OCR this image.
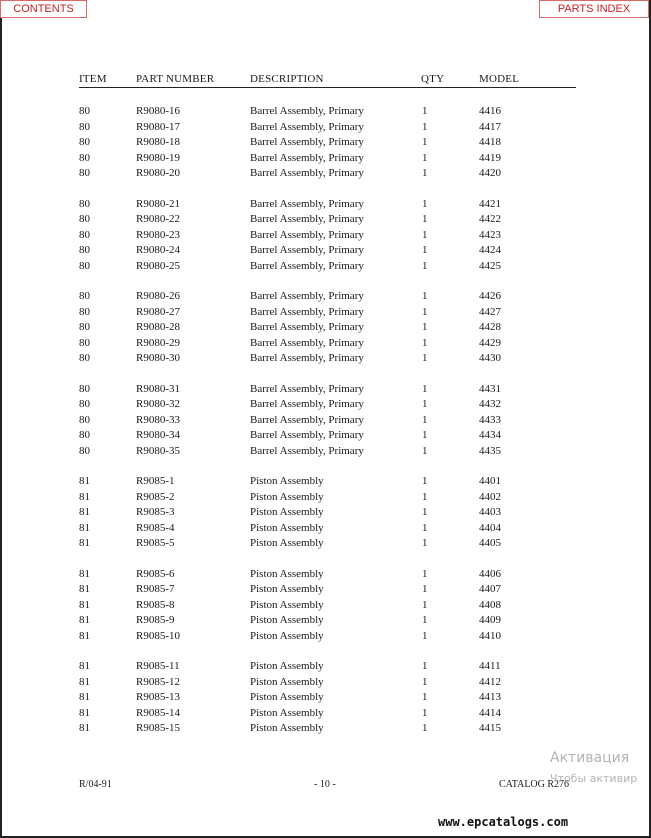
CONTENTS	PARTS INDEX
ITEM	PART NUMBER	DESCRIPTION	QTY	MODEL
80	R9080-16	Barrel Assembly, Primary	1	4416
80	R9080-17	Barrel Assembly, Primary	1	4417
80	R9080-18	Barrel Assembly, Primary	1	4418
80	R9080-19	Barrel Assembly, Primary	1	4419
80	R9080-20	Barrel Assembly, Primary	1	4420
80	R9080-21	Barrel Assembly, Primary	1	4421
80	R9080-22	Barrel Assembly, Primary	1	4422
80	R9080-23	Barrel Assembly, Primary	1	4423
80	R9080-24	Barrel Assembly, Primary	1	4424
80	R9080-25	Barrel Assembly, Primary	1	4425
80	R9080-26	Barrel Assembly, Primary	1	4426
80	R9080-27	Barrel Assembly, Primary	1	4427
80	R9080-28	Barrel Assembly, Primary	1	4428
80	R9080-29	Barrel Assembly, Primary	1	4429
80	R9080-30	Barrel Assembly, Primary	1	4430
80	R9080-31	Barrel Assembly, Primary	1	4431
80	R9080-32	Barrel Assembly, Primary	1	4432
80	R9080-33	Barrel Assembly, Primary	1	4433
80	R9080-34	Barrel Assembly, Primary	1	4434
80	R9080-35	Barrel Assembly, Primary	1	4435
81	R9085-1	Piston Assembly	1	4401
81	R9085-2	Piston Assembly	1	4402
81	R9085-3	Piston Assembly	1	4403
81	R9085-4	Piston Assembly	1	4404
81	R9085-5	Piston Assembly	1	4405
81	R9085-6	Piston Assembly	1	4406
81	R9085-7	Piston Assembly	1	4407
81	R9085-8	Piston Assembly	1	4408
81	R9085-9	Piston Assembly	1	4409
81	R9085-10	Piston Assembly	1	4410
81	R9085-11	Piston Assembly	1	4411
81	R9085-12	Piston Assembly	1	4412
81	R9085-13	Piston Assembly	1	4413
81	R9085-14	Piston Assembly	1	4414
81	R9085-15	Piston Assembly	1	4415
R/04-91	- 10 -	CATALOG R276
Активация
Чтобы активир
www.epcatalogs.com
